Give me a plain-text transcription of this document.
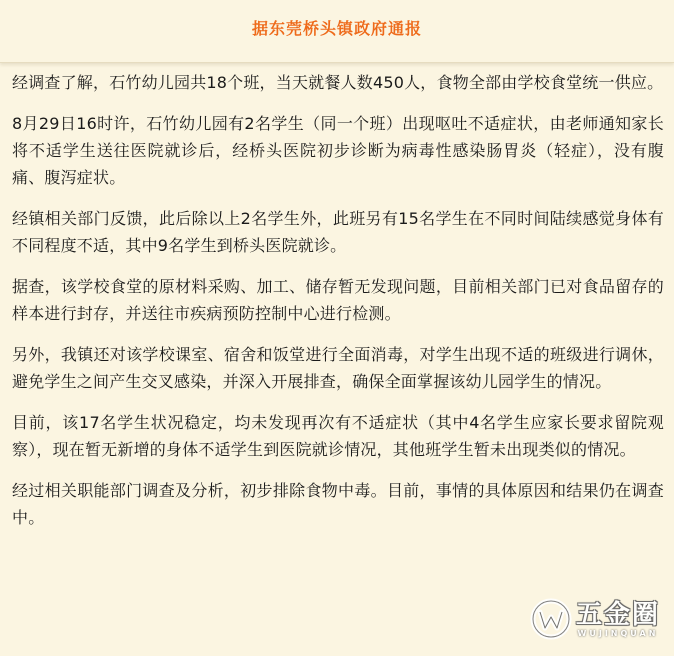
据东莞桥头镇政府通报

经调查了解，石竹幼儿园共18个班，当天就餐人数450人，食物全部由学校食堂统一供应。

8月29日16时许，石竹幼儿园有2名学生（同一个班）出现呕吐不适症状，由老师通知家长将不适学生送往医院就诊后，经桥头医院初步诊断为病毒性感染肠胃炎（轻症），没有腹痛、腹泻症状。

经镇相关部门反馈，此后除以上2名学生外，此班另有15名学生在不同时间陆续感觉身体有不同程度不适，其中9名学生到桥头医院就诊。

据查，该学校食堂的原材料采购、加工、储存暂无发现问题，目前相关部门已对食品留存的样本进行封存，并送往市疾病预防控制中心进行检测。

另外，我镇还对该学校课室、宿舍和饭堂进行全面消毒，对学生出现不适的班级进行调休，避免学生之间产生交叉感染，并深入开展排查，确保全面掌握该幼儿园学生的情况。

目前，该17名学生状况稳定，均未发现再次有不适症状（其中4名学生应家长要求留院观察），现在暂无新增的身体不适学生到医院就诊情况，其他班学生暂未出现类似的情况。

经过相关职能部门调查及分析，初步排除食物中毒。目前，事情的具体原因和结果仍在调查中。

五金圈
WUJINQUAN
